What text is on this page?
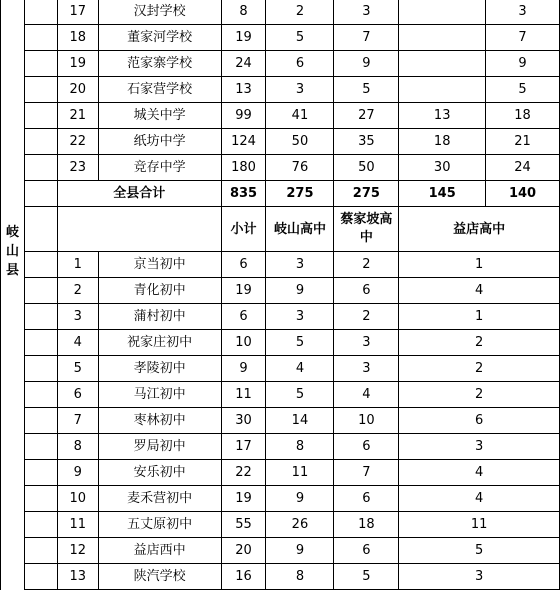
		17	汉封学校	8	2	3		3
		18	董家河学校	19	5	7		7
		19	范家寨学校	24	6	9		9
		20	石家营学校	13	3	5		5
		21	城关中学	99	41	27	13	18
		22	纸坊中学	124	50	35	18	21
		23	竞存中学	180	76	50	30	24
		全县合计		835	275	275	145	140

岐
山
县				小计	岐山高中	蔡家坡高中	益店高中	
		1	京当初中	6	3	2	1	
		2	青化初中	19	9	6	4	
		3	蒲村初中	6	3	2	1	
		4	祝家庄初中	10	5	3	2	
		5	孝陵初中	9	4	3	2	
		6	马江初中	11	5	4	2	
		7	枣林初中	30	14	10	6	
		8	罗局初中	17	8	6	3	
		9	安乐初中	22	11	7	4	
		10	麦禾营初中	19	9	6	4	
		11	五丈原初中	55	26	18	11	
		12	益店西中	20	9	6	5	
		13	陕汽学校	16	8	5	3	
